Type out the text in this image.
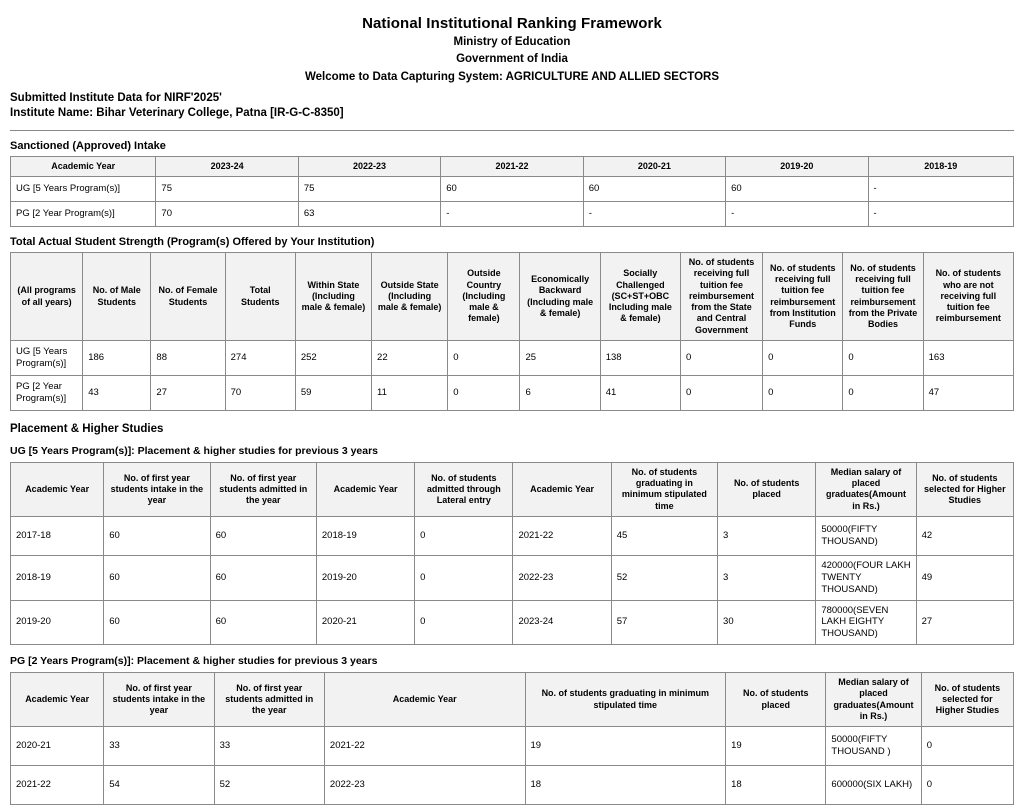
National Institutional Ranking Framework
Ministry of Education
Government of India
Welcome to Data Capturing System: AGRICULTURE AND ALLIED SECTORS
Submitted Institute Data for NIRF'2025'
Institute Name: Bihar Veterinary College, Patna [IR-G-C-8350]
Sanctioned (Approved) Intake
Academic Year	2023-24	2022-23	2021-22	2020-21	2019-20	2018-19
UG [5 Years Program(s)]	75	75	60	60	60	-
PG [2 Year Program(s)]	70	63	-	-	-	-
Total Actual Student Strength (Program(s) Offered by Your Institution)
(All programs of all years)	No. of Male Students	No. of Female Students	Total Students	Within State (Including male & female)	Outside State (Including male & female)	Outside Country (Including male & female)	Economically Backward (Including male & female)	Socially Challenged (SC+ST+OBC Including male & female)	No. of students receiving full tuition fee reimbursement from the State and Central Government	No. of students receiving full tuition fee reimbursement from Institution Funds	No. of students receiving full tuition fee reimbursement from the Private Bodies	No. of students who are not receiving full tuition fee reimbursement
UG [5 Years Program(s)]	186	88	274	252	22	0	25	138	0	0	0	163
PG [2 Year Program(s)]	43	27	70	59	11	0	6	41	0	0	0	47
Placement & Higher Studies
UG [5 Years Program(s)]: Placement & higher studies for previous 3 years
Academic Year	No. of first year students intake in the year	No. of first year students admitted in the year	Academic Year	No. of students admitted through Lateral entry	Academic Year	No. of students graduating in minimum stipulated time	No. of students placed	Median salary of placed graduates(Amount in Rs.)	No. of students selected for Higher Studies
2017-18	60	60	2018-19	0	2021-22	45	3	50000(FIFTY THOUSAND)	42
2018-19	60	60	2019-20	0	2022-23	52	3	420000(FOUR LAKH TWENTY THOUSAND)	49
2019-20	60	60	2020-21	0	2023-24	57	30	780000(SEVEN LAKH EIGHTY THOUSAND)	27
PG [2 Years Program(s)]: Placement & higher studies for previous 3 years
Academic Year	No. of first year students intake in the year	No. of first year students admitted in the year	Academic Year	No. of students graduating in minimum stipulated time	No. of students placed	Median salary of placed graduates(Amount in Rs.)	No. of students selected for Higher Studies
2020-21	33	33	2021-22	19	19	50000(FIFTY THOUSAND )	0
2021-22	54	52	2022-23	18	18	600000(SIX LAKH)	0
